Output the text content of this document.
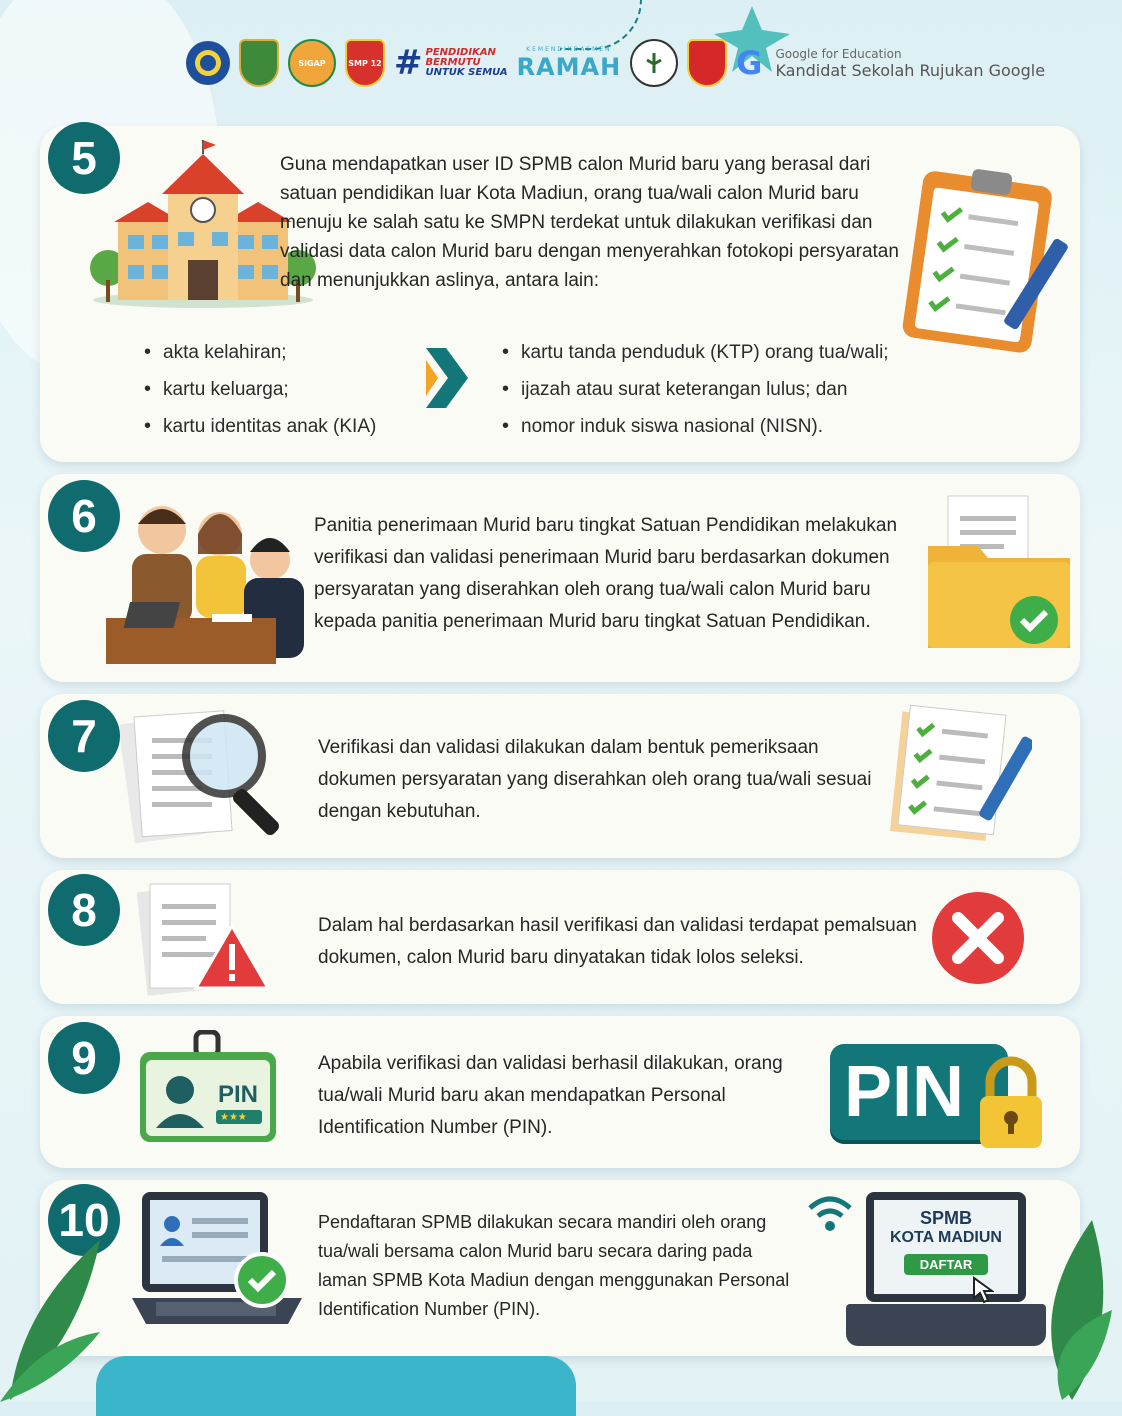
SIGAP	SMP 12 # PENDIDIKAN
BERMUTU
UNTUK SEMUA
KEMENDIKDASMEN
RAMAH	G Google for Education
Kandidat Sekolah Rujukan Google
5	Guna mendapatkan user ID SPMB calon Murid baru yang berasal dari satuan pendidikan luar Kota Madiun, orang tua/wali calon Murid baru menuju ke salah satu ke SMPN terdekat untuk dilakukan verifikasi dan validasi data calon Murid baru dengan menyerahkan fotokopi persyaratan dan menunjukkan aslinya, antara lain:
• akta kelahiran;
• kartu keluarga;
• kartu identitas anak (KIA)
• kartu tanda penduduk (KTP) orang tua/wali;
• ijazah atau surat keterangan lulus; dan
• nomor induk siswa nasional (NISN).
6	Panitia penerimaan Murid baru tingkat Satuan Pendidikan melakukan verifikasi dan validasi penerimaan Murid baru berdasarkan dokumen persyaratan yang diserahkan oleh orang tua/wali calon Murid baru kepada panitia penerimaan Murid baru tingkat Satuan Pendidikan.
7	Verifikasi dan validasi dilakukan dalam bentuk pemeriksaan dokumen persyaratan yang diserahkan oleh orang tua/wali sesuai dengan kebutuhan.
8	Dalam hal berdasarkan hasil verifikasi dan validasi terdapat pemalsuan dokumen, calon Murid baru dinyatakan tidak lolos seleksi.
9
★★★
PIN
Apabila verifikasi dan validasi berhasil dilakukan, orang tua/wali Murid baru akan mendapatkan Personal Identification Number (PIN).	PIN
10	Pendaftaran SPMB dilakukan secara mandiri oleh orang tua/wali bersama calon Murid baru secara daring pada laman SPMB Kota Madiun dengan menggunakan Personal Identification Number (PIN).
SPMB
KOTA MADIUN
DAFTAR
